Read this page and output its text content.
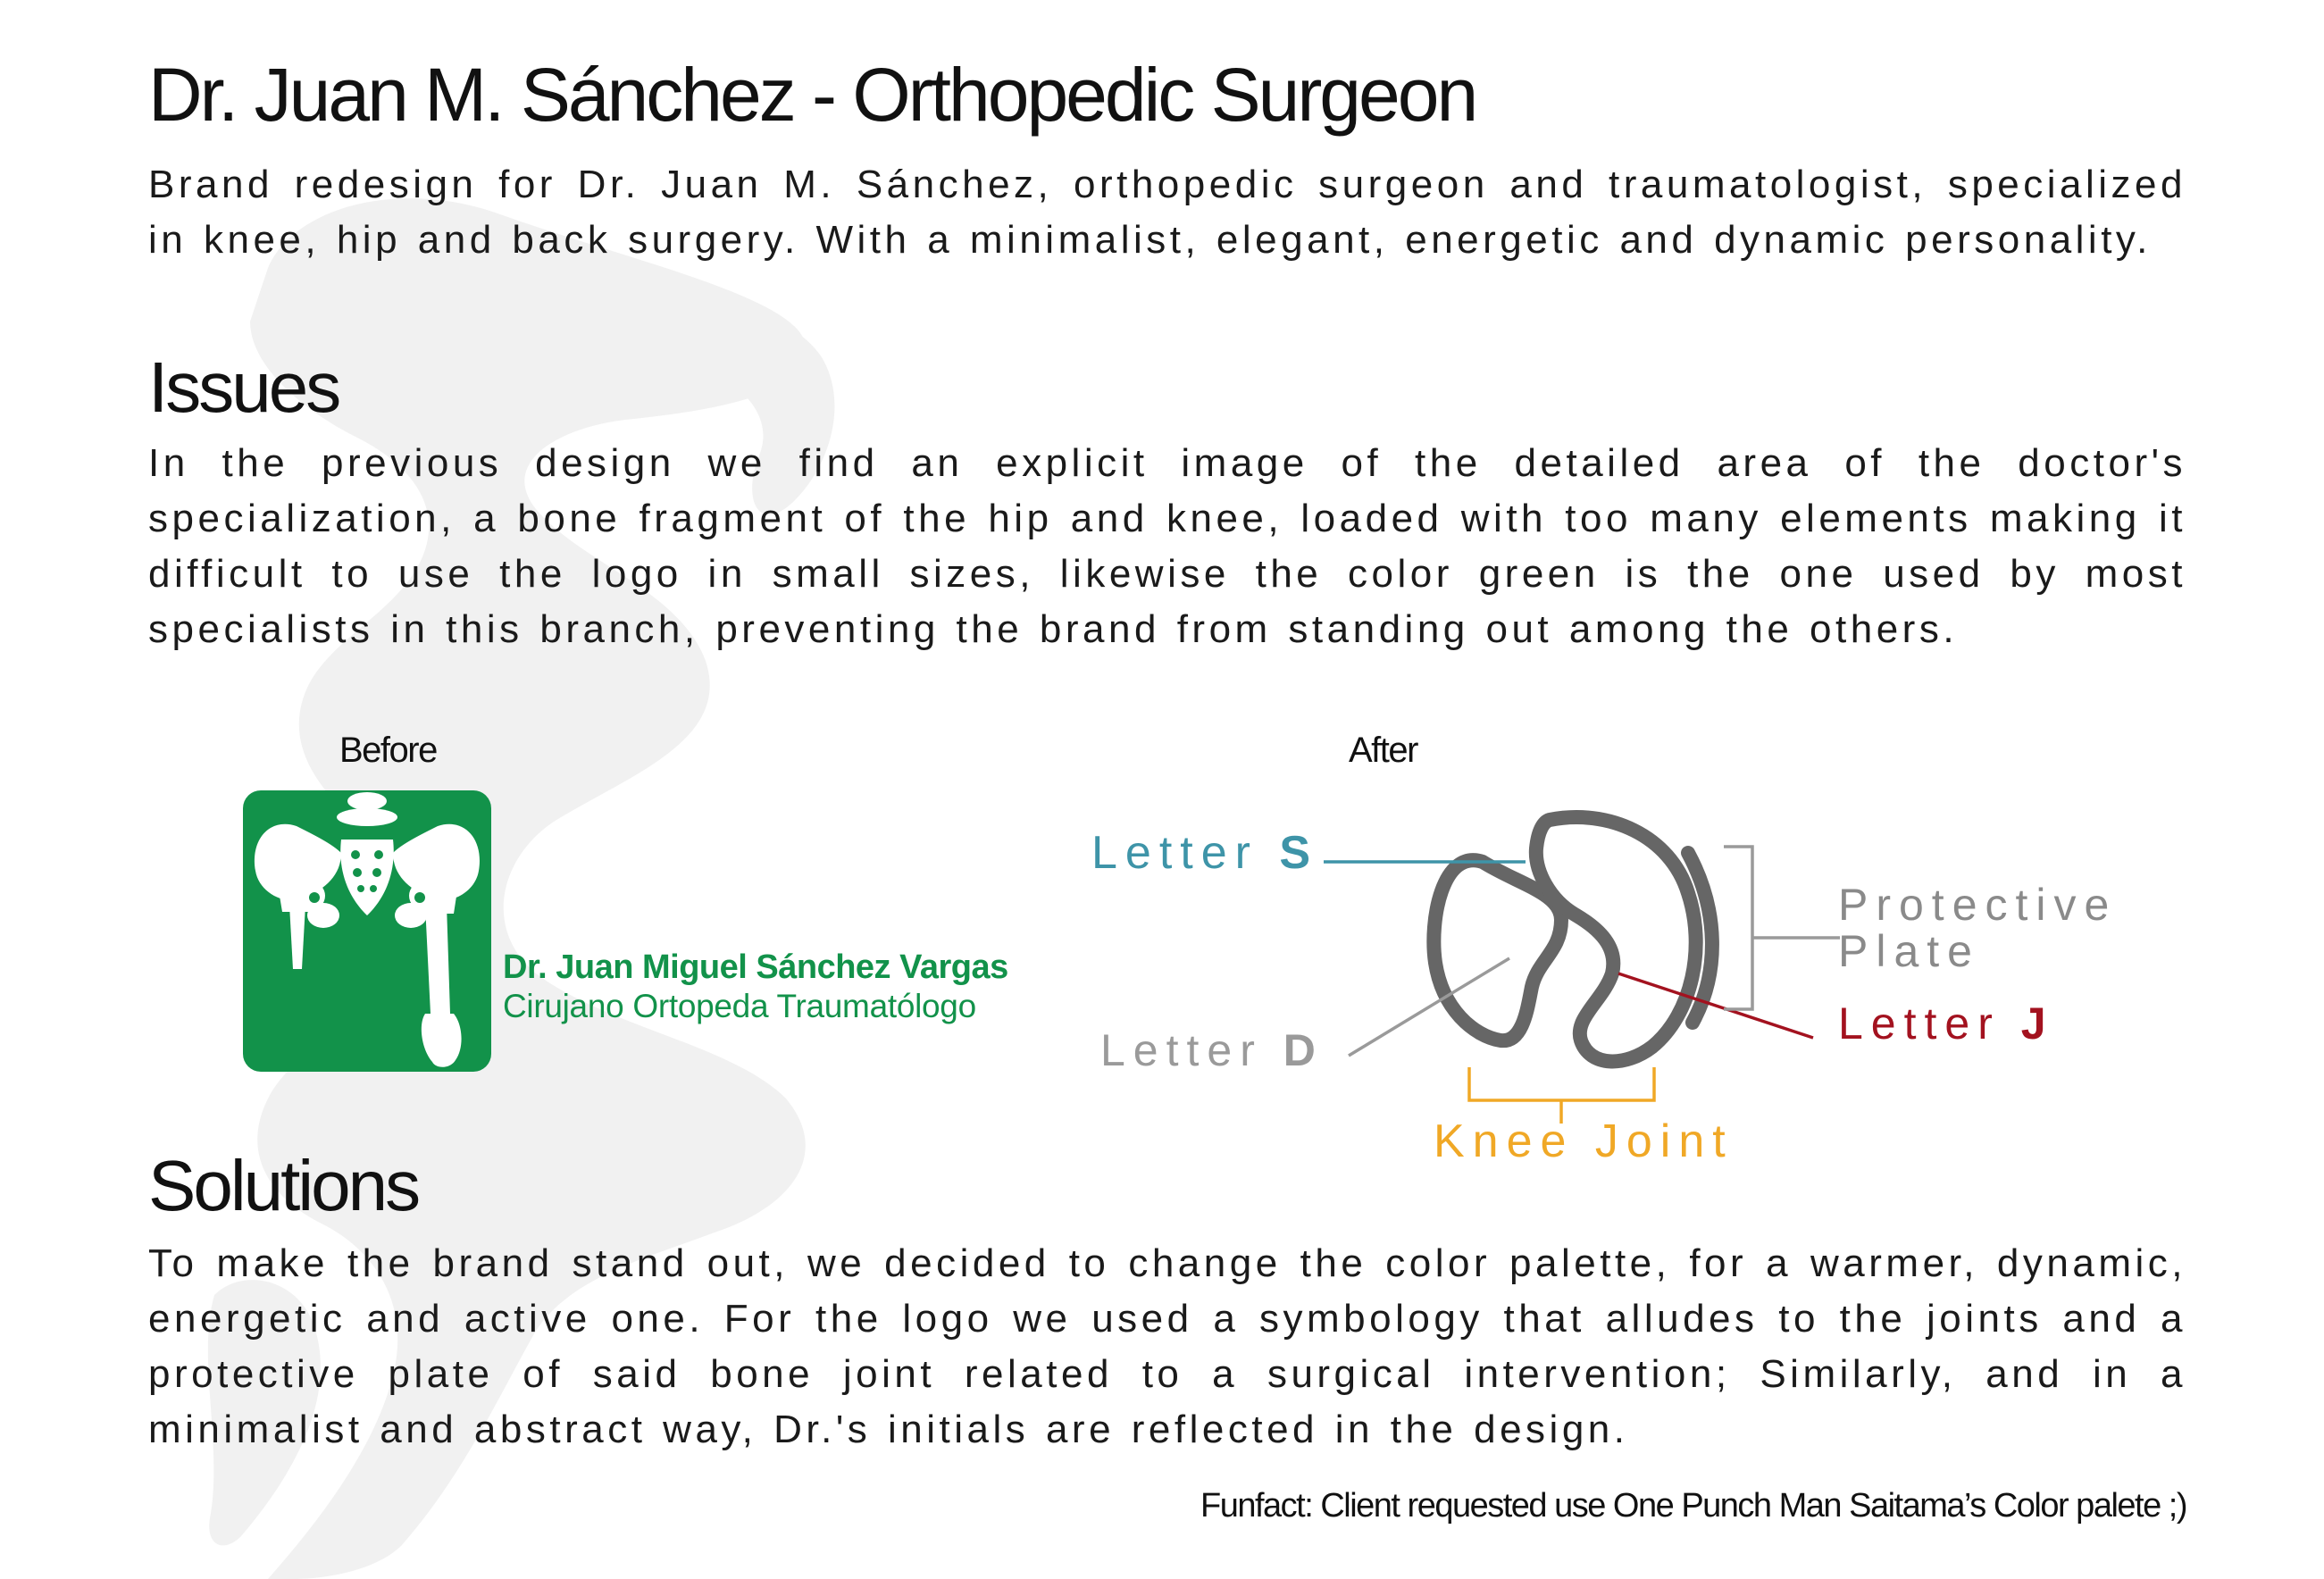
Dr. Juan M. Sánchez - Orthopedic Surgeon

Brand redesign for Dr. Juan M. Sánchez, orthopedic surgeon and traumatologist, specialized in knee, hip and back surgery. With a minimalist, elegant, energetic and dynamic personality.

Issues

In the previous design we find an explicit image of the detailed area of the doctor's specialization, a bone fragment of the hip and knee, loaded with too many elements making it difficult to use the logo in small sizes, likewise the color green is the one used by most specialists in this branch, preventing the brand from standing out among the others.

Before	After

Dr. Juan Miguel Sánchez Vargas

Cirujano Ortopeda Traumatólogo

Letter S
Letter D
Protective Plate
Letter J
Knee Joint
Solutions

To make the brand stand out, we decided to change the color palette, for a warmer, dynamic, energetic and active one. For the logo we used a symbology that alludes to the joints and a protective plate of said bone joint related to a surgical intervention; Similarly, and in a minimalist and abstract way, Dr.'s initials are reflected in the design.

Funfact: Client requested use One Punch Man Saitama’s Color palete ;)
